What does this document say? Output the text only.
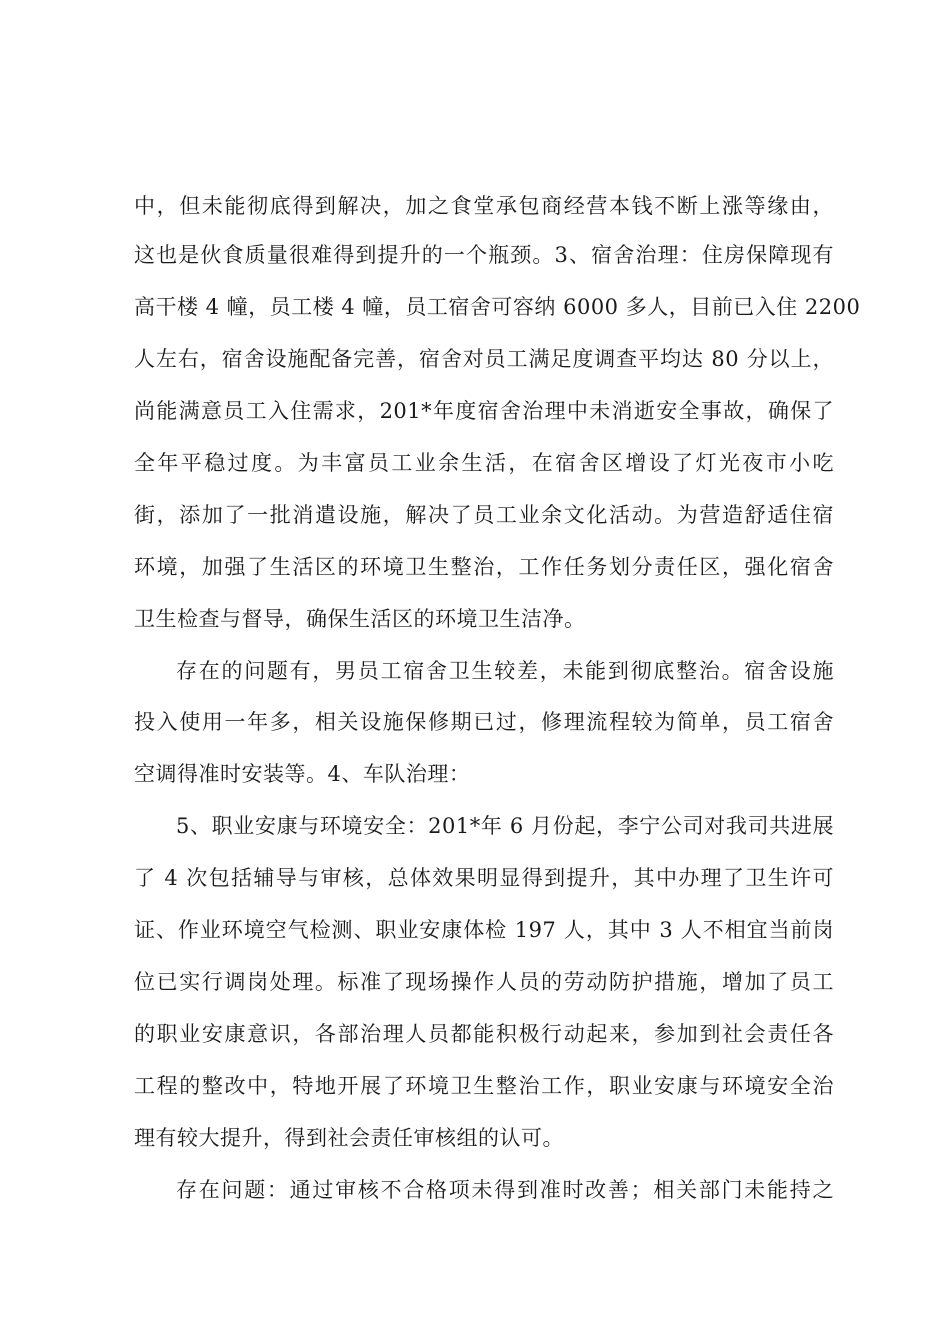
中，但未能彻底得到解决，加之食堂承包商经营本钱不断上涨等缘由，
这也是伙食质量很难得到提升的一个瓶颈。3、宿舍治理：住房保障现有
高干楼 4 幢，员工楼 4 幢，员工宿舍可容纳 6000 多人，目前已入住 2200
人左右，宿舍设施配备完善，宿舍对员工满足度调查平均达 80 分以上，
尚能满意员工入住需求，201*年度宿舍治理中未消逝安全事故，确保了
全年平稳过度。为丰富员工业余生活，在宿舍区增设了灯光夜市小吃
街，添加了一批消遣设施，解决了员工业余文化活动。为营造舒适住宿
环境，加强了生活区的环境卫生整治，工作任务划分责任区，强化宿舍
卫生检查与督导，确保生活区的环境卫生洁净。
存在的问题有，男员工宿舍卫生较差，未能到彻底整治。宿舍设施
投入使用一年多，相关设施保修期已过，修理流程较为简单，员工宿舍
空调得准时安装等。4、车队治理：
5、职业安康与环境安全：201*年 6 月份起，李宁公司对我司共进展
了 4 次包括辅导与审核，总体效果明显得到提升，其中办理了卫生许可
证、作业环境空气检测、职业安康体检 197 人，其中 3 人不相宜当前岗
位已实行调岗处理。标准了现场操作人员的劳动防护措施，增加了员工
的职业安康意识，各部治理人员都能积极行动起来，参加到社会责任各
工程的整改中，特地开展了环境卫生整治工作，职业安康与环境安全治
理有较大提升，得到社会责任审核组的认可。
存在问题：通过审核不合格项未得到准时改善；相关部门未能持之
